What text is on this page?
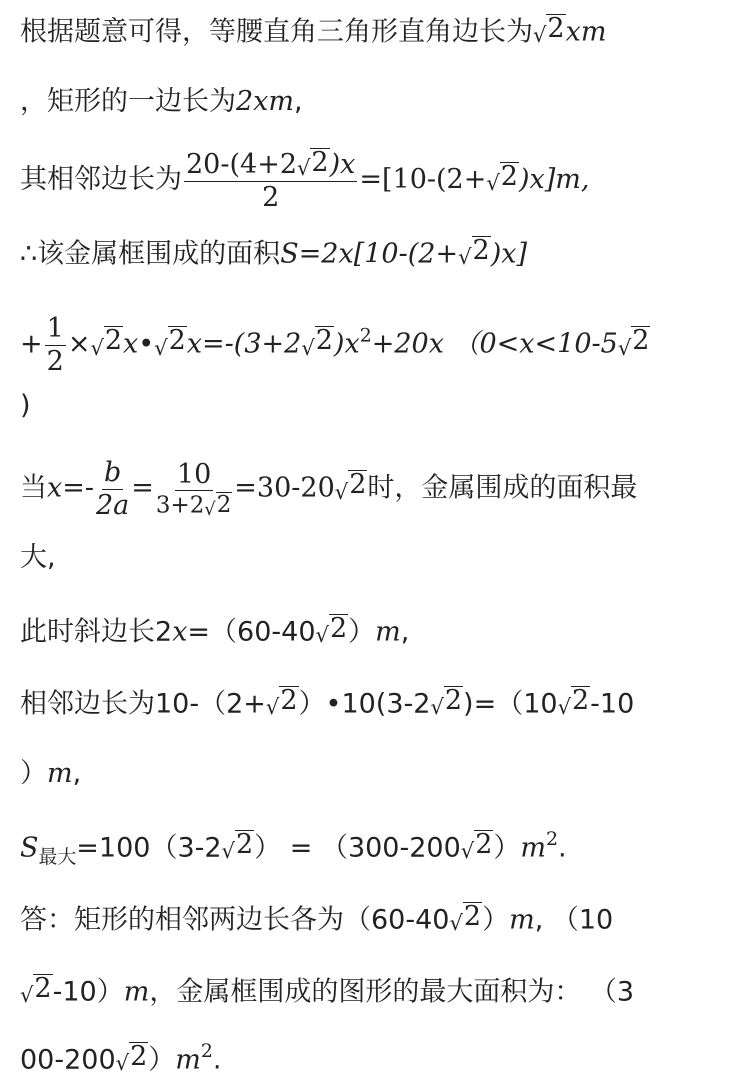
根据题意可得，等腰直角三角形直角边长为 √ 2 xm
，矩形的一边长为2xm,
其相邻边长为 $\frac{20-(4+2 √ 2 )x}{2} =[10-(2+$ √ 2 )x]m,
∴该金属框围成的面积S=2x[10-(2+ √ 2 )x]
+ $\frac{1}{2}$ × √ 2 x• √ 2 x=-(3+2 √ 2 )$x^2+20x$ （0<x<10-5 √ 2
)
当$x=- \frac{b}{2a} = \frac{10}{3+2 √ 2} =30-20$ √ 2 时，金属围成的面积最
大,
此时斜边长2x=（60-40 √ 2 ）m,
相邻边长为10-（2+ √ 2 ）•10(3-2 √ 2 )=（10 √ 2 -10
）m,
$S_{最大}=100(3-2$ √ 2 ） = （300-200 √ 2 ）$m^2$.
答：矩形的相邻两边长各为（60-40 √ 2 ）m, （10
√ 2 -10）m，金属框围成的图形的最大面积为： （3
00-200 √ 2 ）$m^2$.
